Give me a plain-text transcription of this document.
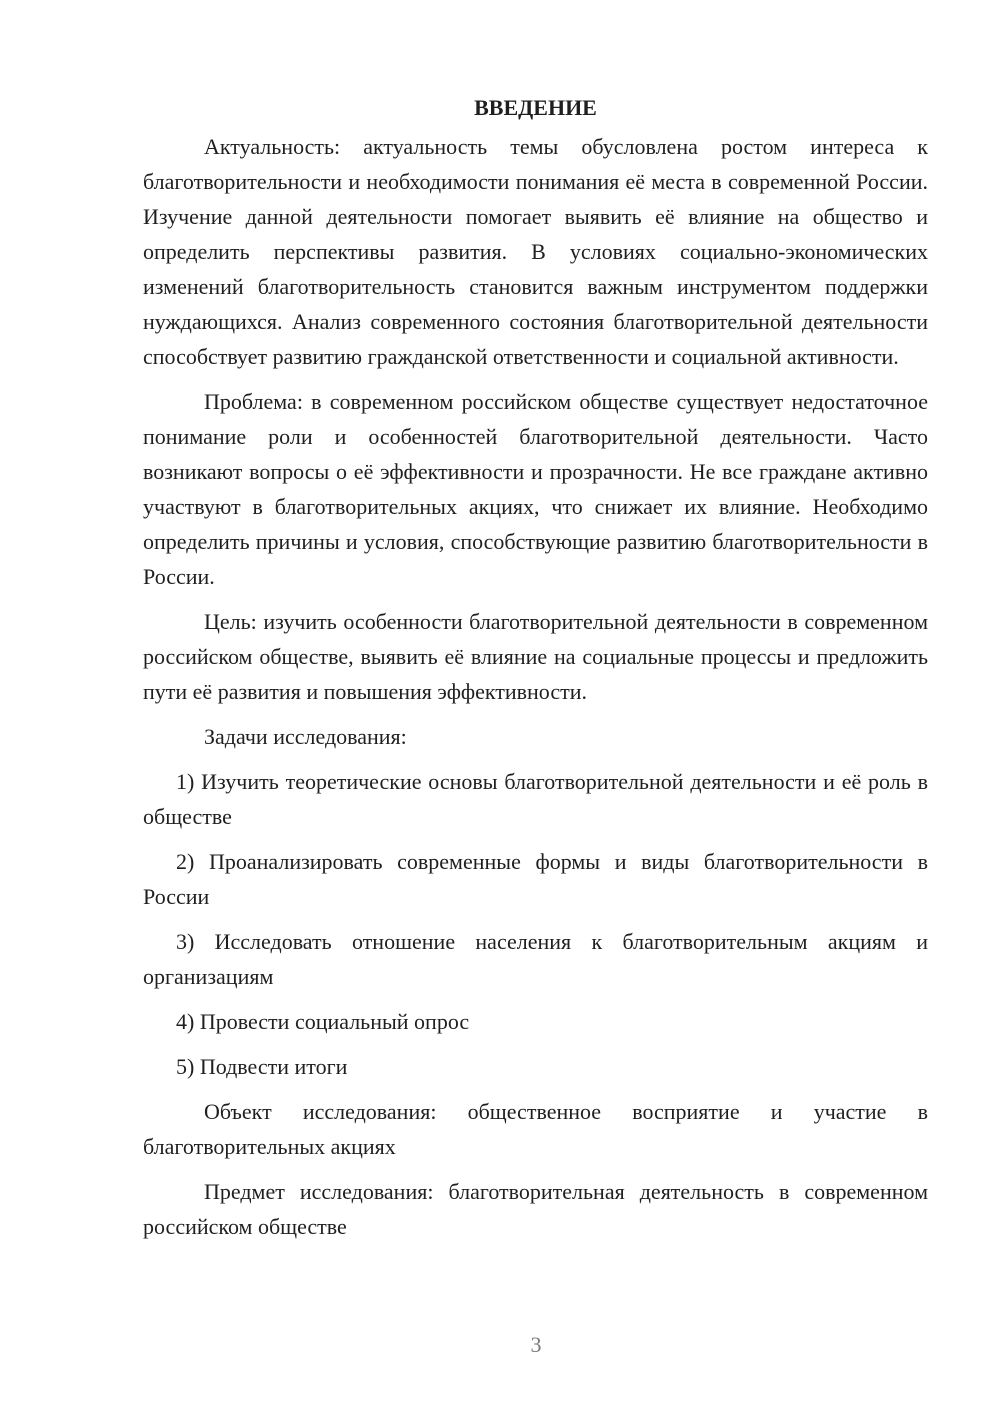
ВВЕДЕНИЕ

Актуальность: актуальность темы обусловлена ростом интереса к благотворительности и необходимости понимания её места в современной России. Изучение данной деятельности помогает выявить её влияние на общество и определить перспективы развития. В условиях социально-экономических изменений благотворительность становится важным инструментом поддержки нуждающихся. Анализ современного состояния благотворительной деятельности способствует развитию гражданской ответственности и социальной активности.

Проблема: в современном российском обществе существует недостаточное понимание роли и особенностей благотворительной деятельности. Часто возникают вопросы о её эффективности и прозрачности. Не все граждане активно участвуют в благотворительных акциях, что снижает их влияние. Необходимо определить причины и условия, способствующие развитию благотворительности в России.

Цель: изучить особенности благотворительной деятельности в современном российском обществе, выявить её влияние на социальные процессы и предложить пути её развития и повышения эффективности.

Задачи исследования:

1) Изучить теоретические основы благотворительной деятельности и её роль в обществе

2) Проанализировать современные формы и виды благотворительности в России

3) Исследовать отношение населения к благотворительным акциям и организациям

4) Провести социальный опрос

5) Подвести итоги

Объект исследования: общественное восприятие и участие в благотворительных акциях

Предмет исследования: благотворительная деятельность в современном российском обществе

3
